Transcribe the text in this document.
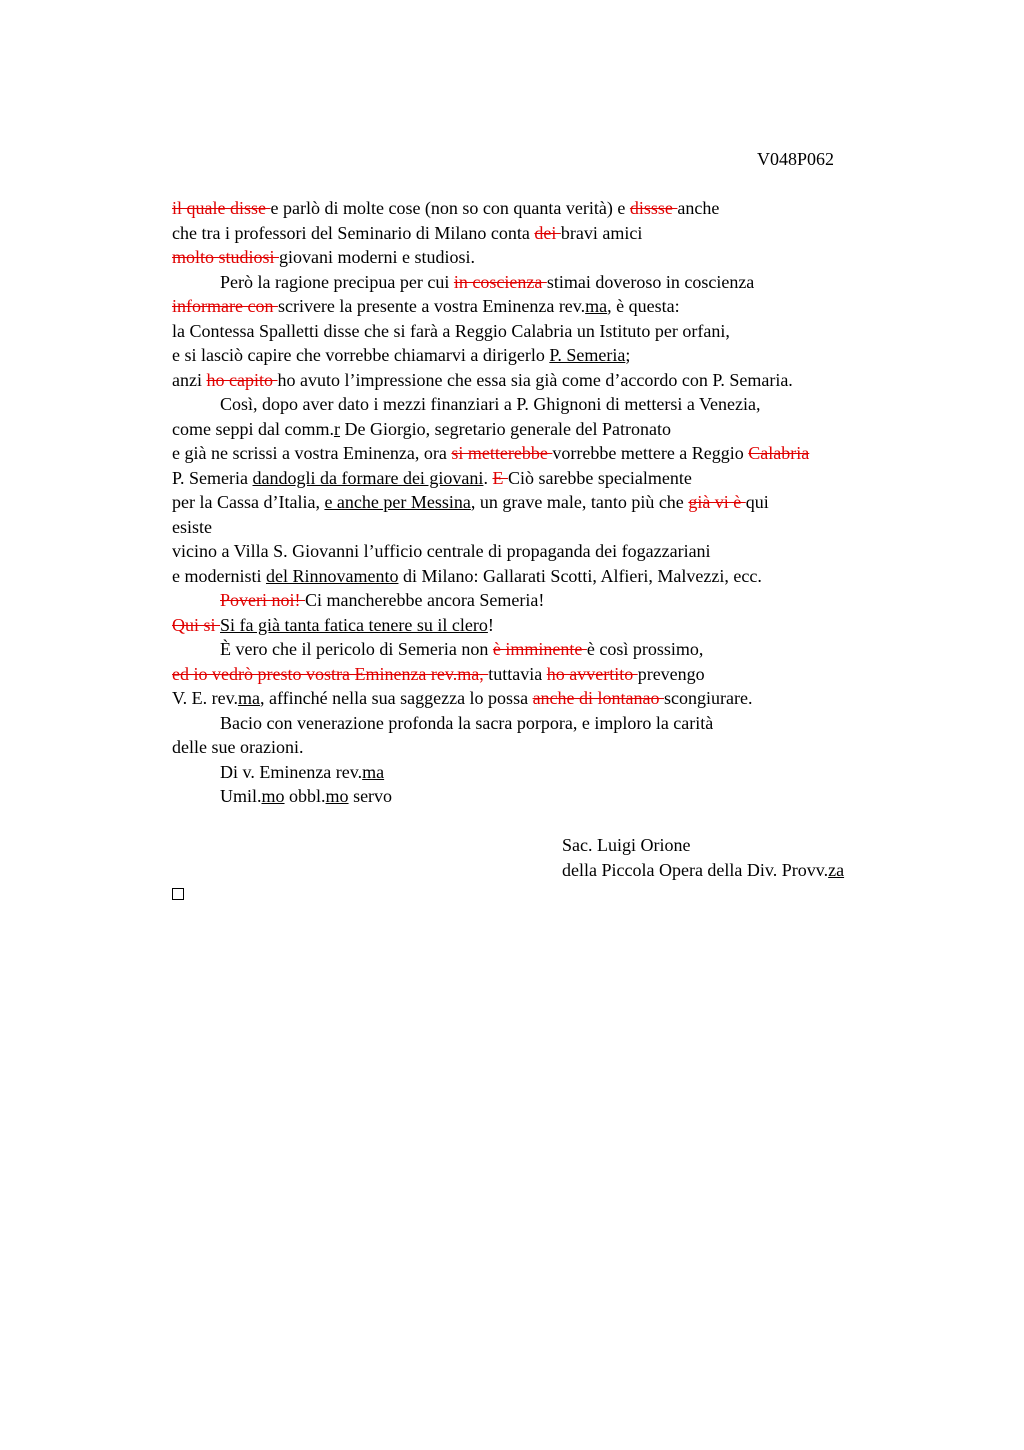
V048P062
il quale disse e parlò di molte cose (non so con quanta verità) e dissse anche
che tra i professori del Seminario di Milano conta dei bravi amici
molto studiosi giovani moderni e studiosi.
Però la ragione precipua per cui in coscienza stimai doveroso in coscienza
informare con scrivere la presente a vostra Eminenza rev.ma, è questa:
la Contessa Spalletti disse che si farà a Reggio Calabria un Istituto per orfani,
e si lasciò capire che vorrebbe chiamarvi a dirigerlo P. Semeria;
anzi ho capito ho avuto l’impressione che essa sia già come d’accordo con P. Semaria.
Così, dopo aver dato i mezzi finanziari a P. Ghignoni di mettersi a Venezia,
come seppi dal comm.r De Giorgio, segretario generale del Patronato
e già ne scrissi a vostra Eminenza, ora si metterebbe vorrebbe mettere a Reggio Calabria
P. Semeria dandogli da formare dei giovani. E Ciò sarebbe specialmente
per la Cassa d’Italia, e anche per Messina, un grave male, tanto più che già vi è qui
esiste
vicino a Villa S. Giovanni l’ufficio centrale di propaganda dei fogazzariani
e modernisti del Rinnovamento di Milano: Gallarati Scotti, Alfieri, Malvezzi, ecc.
Poveri noi! Ci mancherebbe ancora Semeria!
Qui si Si fa già tanta fatica tenere su il clero!
È vero che il pericolo di Semeria non è imminente è così prossimo,
ed io vedrò presto vostra Eminenza rev.ma, tuttavia ho avvertito prevengo
V. E. rev.ma, affinché nella sua saggezza lo possa anche di lontanao scongiurare.
Bacio con venerazione profonda la sacra porpora, e imploro la carità
delle sue orazioni.
Di v. Eminenza rev.ma
Umil.mo obbl.mo servo
Sac. Luigi Orione
della Piccola Opera della Div. Provv.za
